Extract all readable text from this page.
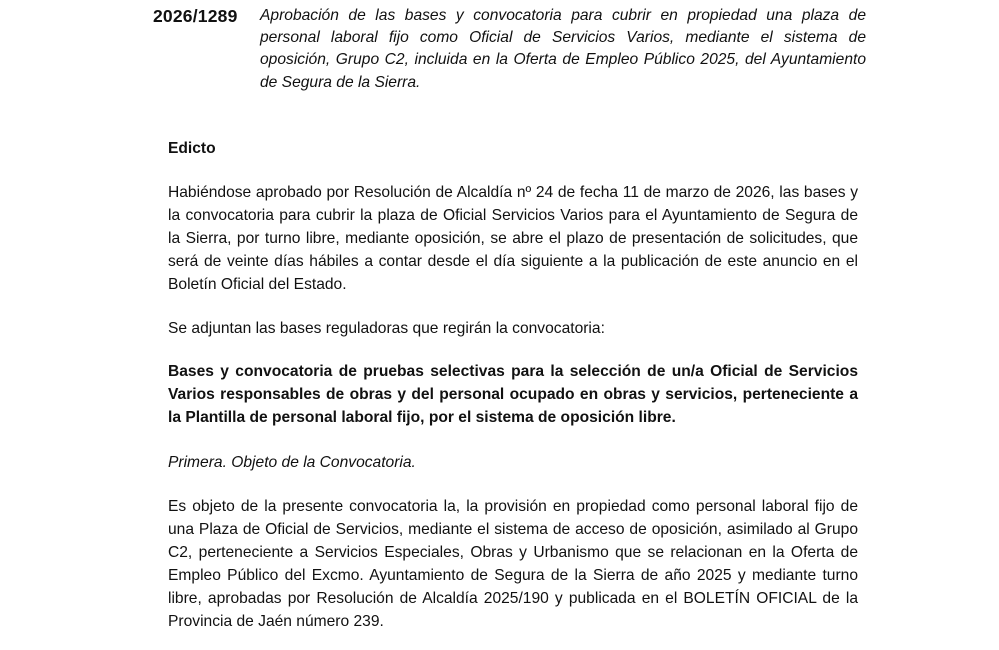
2026/1289 Aprobación de las bases y convocatoria para cubrir en propiedad una plaza de personal laboral fijo como Oficial de Servicios Varios, mediante el sistema de oposición, Grupo C2, incluida en la Oferta de Empleo Público 2025, del Ayuntamiento de Segura de la Sierra.
Edicto
Habiéndose aprobado por Resolución de Alcaldía nº 24 de fecha 11 de marzo de 2026, las bases y la convocatoria para cubrir la plaza de Oficial Servicios Varios para el Ayuntamiento de Segura de la Sierra, por turno libre, mediante oposición, se abre el plazo de presentación de solicitudes, que será de veinte días hábiles a contar desde el día siguiente a la publicación de este anuncio en el Boletín Oficial del Estado.
Se adjuntan las bases reguladoras que regirán la convocatoria:
Bases y convocatoria de pruebas selectivas para la selección de un/a Oficial de Servicios Varios responsables de obras y del personal ocupado en obras y servicios, perteneciente a la Plantilla de personal laboral fijo, por el sistema de oposición libre.
Primera. Objeto de la Convocatoria.
Es objeto de la presente convocatoria la, la provisión en propiedad como personal laboral fijo de una Plaza de Oficial de Servicios, mediante el sistema de acceso de oposición, asimilado al Grupo C2, perteneciente a Servicios Especiales, Obras y Urbanismo que se relacionan en la Oferta de Empleo Público del Excmo. Ayuntamiento de Segura de la Sierra de año 2025 y mediante turno libre, aprobadas por Resolución de Alcaldía 2025/190 y publicada en el BOLETÍN OFICIAL de la Provincia de Jaén número 239.
